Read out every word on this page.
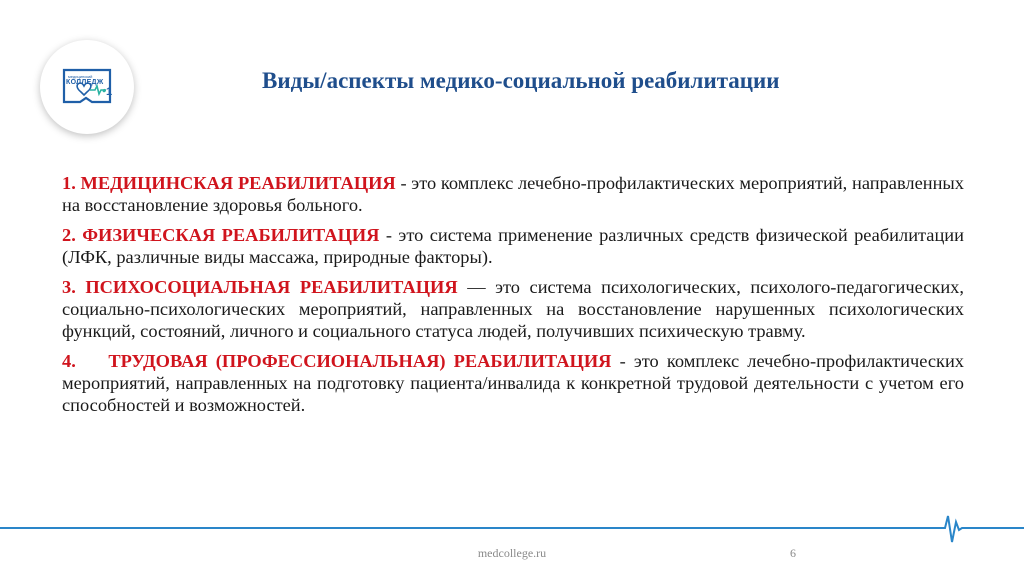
медицинский
КОЛЛЕДЖ
1	Виды/аспекты медико-социальной реабилитации

1. МЕДИЦИНСКАЯ РЕАБИЛИТАЦИЯ - это комплекс лечебно-профилактических мероприятий, направленных на восстановление здоровья больного.

2. ФИЗИЧЕСКАЯ РЕАБИЛИТАЦИЯ - это система применение различных средств физической реабилитации (ЛФК, различные виды массажа, природные факторы).

3. ПСИХОСОЦИАЛЬНАЯ РЕАБИЛИТАЦИЯ — это система психологических, психолого-педагогических, социально-психологических мероприятий, направленных на восстановление нарушенных психологических функций, состояний, личного и социального статуса людей, получивших психическую травму.

4. ТРУДОВАЯ (ПРОФЕССИОНАЛЬНАЯ) РЕАБИЛИТАЦИЯ - это комплекс лечебно-профилактических мероприятий, направленных на подготовку пациента/инвалида к конкретной трудовой деятельности с учетом его способностей и возможностей.

medcollege.ru	6
